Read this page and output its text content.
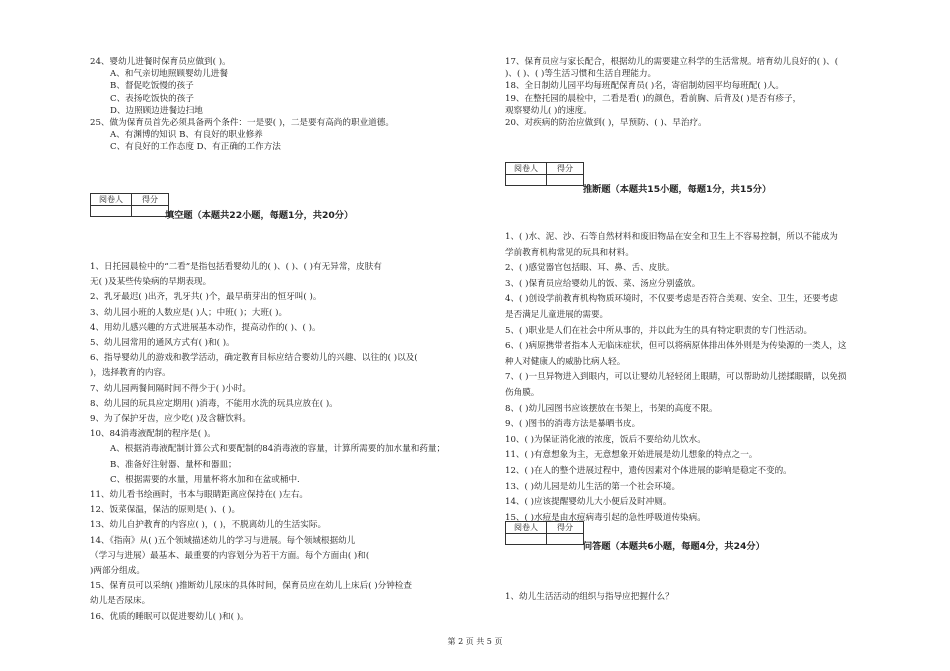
24、婴幼儿进餐时保育员应做到( )。
A、和气亲切地照顾婴幼儿进餐
B、督促吃饭慢的孩子
C、表扬吃饭快的孩子
D、边照顾边进餐边扫地
25、做为保育员首先必须具备两个条件：一是要( )，二是要有高尚的职业道德。
A、有渊博的知识 B、有良好的职业修养
C、有良好的工作态度 D、有正确的工作方法
阅卷人	得分

填空题（本题共22小题，每题1分，共20分）
1、日托园晨检中的“二看”是指包括看婴幼儿的( )、( )、( )有无异常，皮肤有
无( )及某些传染病的早期表现。
2、乳牙最迟( )出齐，乳牙共( )个，最早萌芽出的恒牙叫( )。
3、幼儿园小班的人数应是( )人；中班( )；大班( )。
4、用幼儿感兴趣的方式进展基本动作，提高动作的( )、( )。
5、幼儿园常用的通风方式有( )和( )。
6、指导婴幼儿的游戏和教学活动，确定教育目标应结合婴幼儿的兴趣、以往的( )以及(
)，选择教育的内容。
7、幼儿园两餐间隔时间不得少于( )小时。
8、幼儿园的玩具应定期用( )消毒，不能用水洗的玩具应放在( )。
9、为了保护牙齿，应少吃( )及含糖饮料。
10、84消毒液配制的程序是( )。
A、根据消毒液配制计算公式和要配制的84消毒液的容量，计算所需要的加水量和药量；
B、准备好注射器、量杯和器皿；
C、根据需要的水量，用量杯将水加和在盆或桶中.
11、幼儿看书绘画时，书本与眼睛距离应保持在( )左右。
12、饭菜保温，保洁的原则是( )、( )。
13、幼儿自护教育的内容应( )，( )，不脱离幼儿的生活实际。
14、《指南》从( )五个领域描述幼儿的学习与进展。每个领域根据幼儿
（学习与进展）最基本、最重要的内容划分为若干方面。每个方面由( )和(
)两部分组成。
15、保育员可以采纳( )推断幼儿尿床的具体时间，保育员应在幼儿上床后( )分钟检查
幼儿是否尿床。
16、优质的睡眠可以促进婴幼儿( )和( )。
17、保育员应与家长配合，根据幼儿的需要建立科学的生活常规。培育幼儿良好的( )、(
)、( )、( )等生活习惯和生活自理能力。
18、全日制幼儿园平均每班配保育员( )名，寄宿制幼园平均每班配( )人。
19、在整托园的晨检中，二看是看( )的颜色，看前胸、后背及( )是否有疹子，
观察婴幼儿( )的速度。
20、对疾病的防治应做到( )，早预防、( )、早治疗。
阅卷人	得分

推断题（本题共15小题，每题1分，共15分）
1、( )水、泥、沙、石等自然材料和废旧物品在安全和卫生上不容易控制，所以不能成为
学前教育机构常见的玩具和材料。
2、( )感觉器官包括眼、耳、鼻、舌、皮肤。
3、( )保育员应给婴幼儿的饭、菜、汤应分别盛放。
4、( )创设学前教育机构物质环境时，不仅要考虑是否符合美观、安全、卫生，还要考虑
是否满足儿童进展的需要。
5、( )职业是人们在社会中所从事的，并以此为生的具有特定职责的专门性活动。
6、( )病原携带者指本人无临床症状，但可以将病原体排出体外则是为传染源的一类人，这
种人对健康人的威胁比病人轻。
7、( )一旦异物进入到眼内，可以让婴幼儿轻轻闭上眼睛，可以帮助幼儿搓揉眼睛，以免损
伤角膜。
8、( )幼儿园图书应该摆放在书架上，书架的高度不限。
9、( )图书的消毒方法是暴晒书皮。
10、( )为保证消化液的浓度，饭后不要给幼儿饮水。
11、( )有意想象为主，无意想象开始进展是幼儿想象的特点之一。
12、( )在人的整个进展过程中，遗传因素对个体进展的影响是稳定不变的。
13、( )幼儿园是幼儿生活的第一个社会环境。
14、( )应该提醒婴幼儿大小便后及时冲厕。
15、( )水痘是由水痘病毒引起的急性呼吸道传染病。
阅卷人	得分

问答题（本题共6小题，每题4分，共24分）
1、幼儿生活活动的组织与指导应把握什么？
第 2 页 共 5 页
